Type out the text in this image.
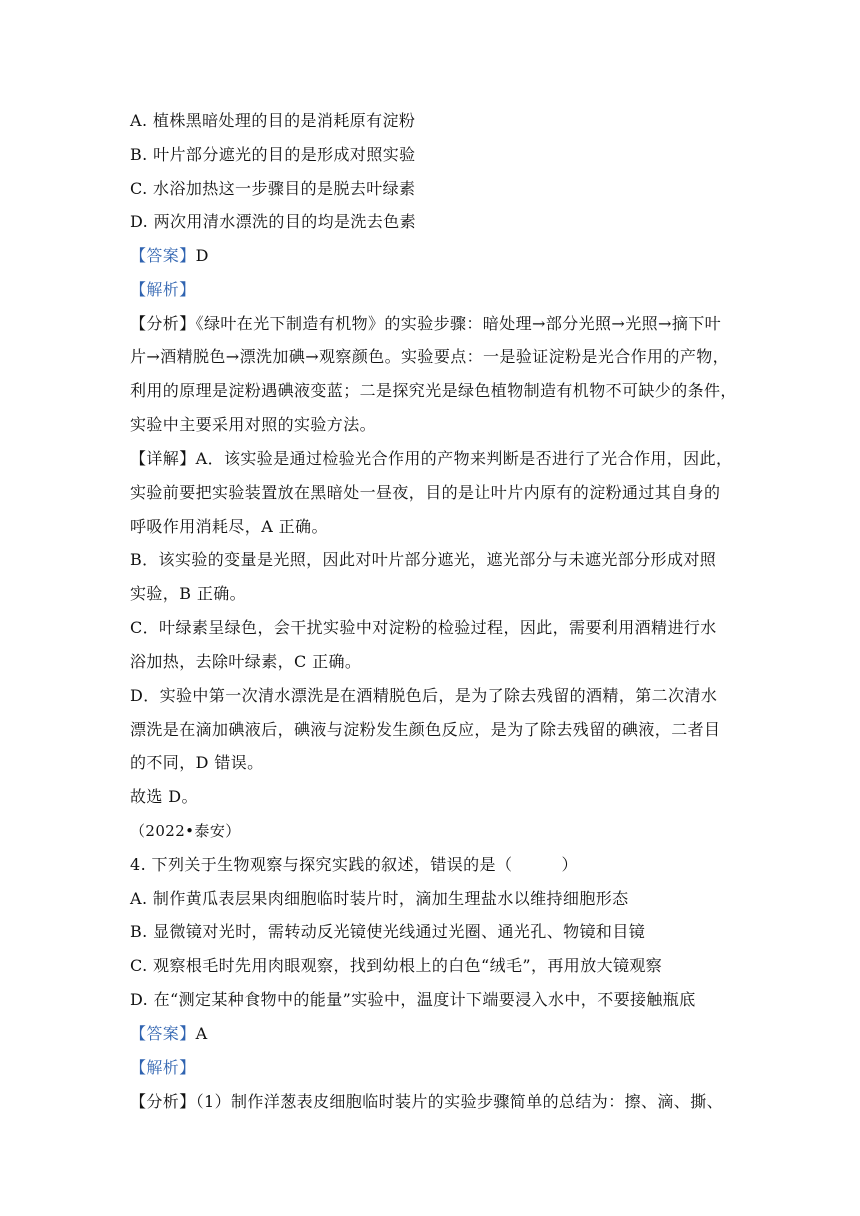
A. 植株黑暗处理的目的是消耗原有淀粉
B. 叶片部分遮光的目的是形成对照实验
C. 水浴加热这一步骤目的是脱去叶绿素
D. 两次用清水漂洗的目的均是洗去色素
【答案】D
【解析】
【分析】《绿叶在光下制造有机物》的实验步骤：暗处理→部分光照→光照→摘下叶
片→酒精脱色→漂洗加碘→观察颜色。实验要点：一是验证淀粉是光合作用的产物，
利用的原理是淀粉遇碘液变蓝；二是探究光是绿色植物制造有机物不可缺少的条件，
实验中主要采用对照的实验方法。
【详解】A．该实验是通过检验光合作用的产物来判断是否进行了光合作用，因此，
实验前要把实验装置放在黑暗处一昼夜，目的是让叶片内原有的淀粉通过其自身的
呼吸作用消耗尽，A 正确。
B．该实验的变量是光照，因此对叶片部分遮光，遮光部分与未遮光部分形成对照
实验，B 正确。
C．叶绿素呈绿色，会干扰实验中对淀粉的检验过程，因此，需要利用酒精进行水
浴加热，去除叶绿素，C 正确。
D．实验中第一次清水漂洗是在酒精脱色后，是为了除去残留的酒精，第二次清水
漂洗是在滴加碘液后，碘液与淀粉发生颜色反应，是为了除去残留的碘液，二者目
的不同，D 错误。
故选 D。
（2022•泰安）
4. 下列关于生物观察与探究实践的叙述，错误的是（　　　）
A. 制作黄瓜表层果肉细胞临时装片时，滴加生理盐水以维持细胞形态
B. 显微镜对光时，需转动反光镜使光线通过光圈、通光孔、物镜和目镜
C. 观察根毛时先用肉眼观察，找到幼根上的白色“绒毛”，再用放大镜观察
D. 在“测定某种食物中的能量”实验中，温度计下端要浸入水中，不要接触瓶底
【答案】A
【解析】
【分析】（1）制作洋葱表皮细胞临时装片的实验步骤简单的总结为：擦、滴、撕、
